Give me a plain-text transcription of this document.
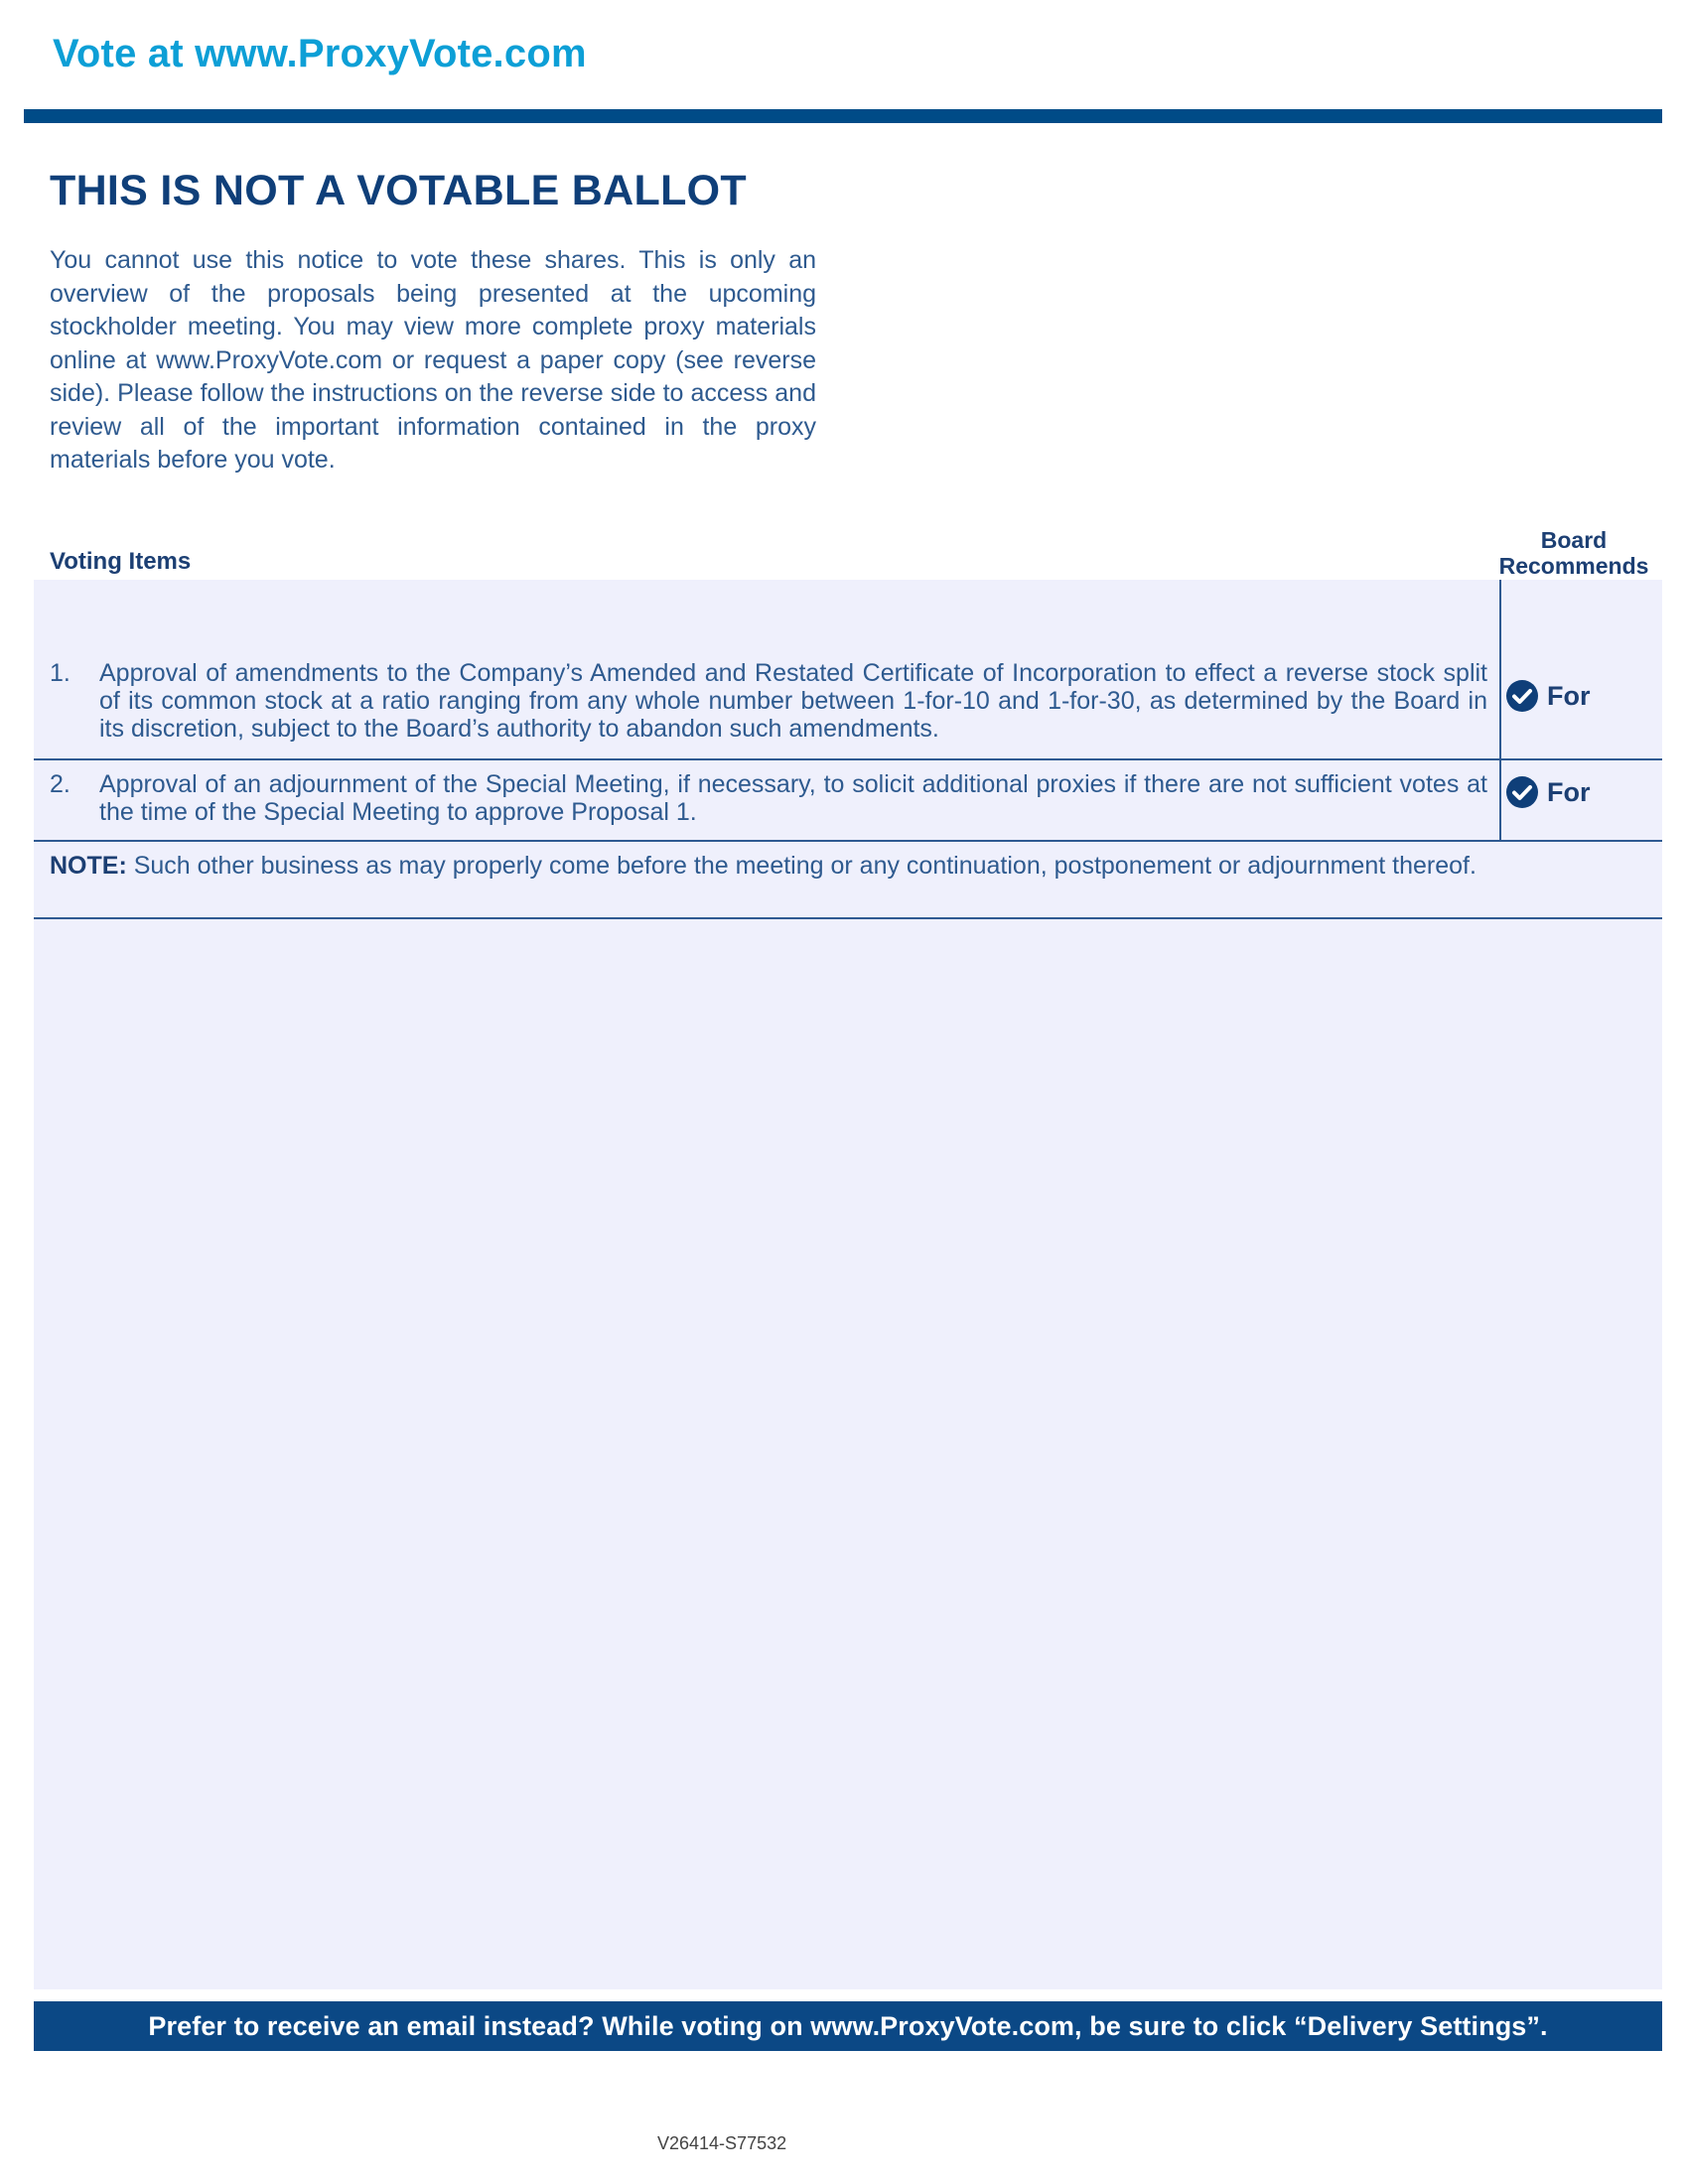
Vote at www.ProxyVote.com
THIS IS NOT A VOTABLE BALLOT

You cannot use this notice to vote these shares. This is only an overview of the proposals being presented at the upcoming stockholder meeting. You may view more complete proxy materials online at www.ProxyVote.com or request a paper copy (see reverse side). Please follow the instructions on the reverse side to access and review all of the important information contained in the proxy materials before you vote.

Voting Items
Board
Recommends
1. Approval of amendments to the Company’s Amended and Restated Certificate of Incorporation to effect a reverse stock split of its common stock at a ratio ranging from any whole number between 1-for-10 and 1-for-30, as determined by the Board in its discretion, subject to the Board’s authority to abandon such amendments.
For
2. Approval of an adjournment of the Special Meeting, if necessary, to solicit additional proxies if there are not sufficient votes at the time of the Special Meeting to approve Proposal 1.
For

NOTE: Such other business as may properly come before the meeting or any continuation, postponement or adjournment thereof.

Prefer to receive an email instead? While voting on www.ProxyVote.com, be sure to click “Delivery Settings”.
V26414-S77532
